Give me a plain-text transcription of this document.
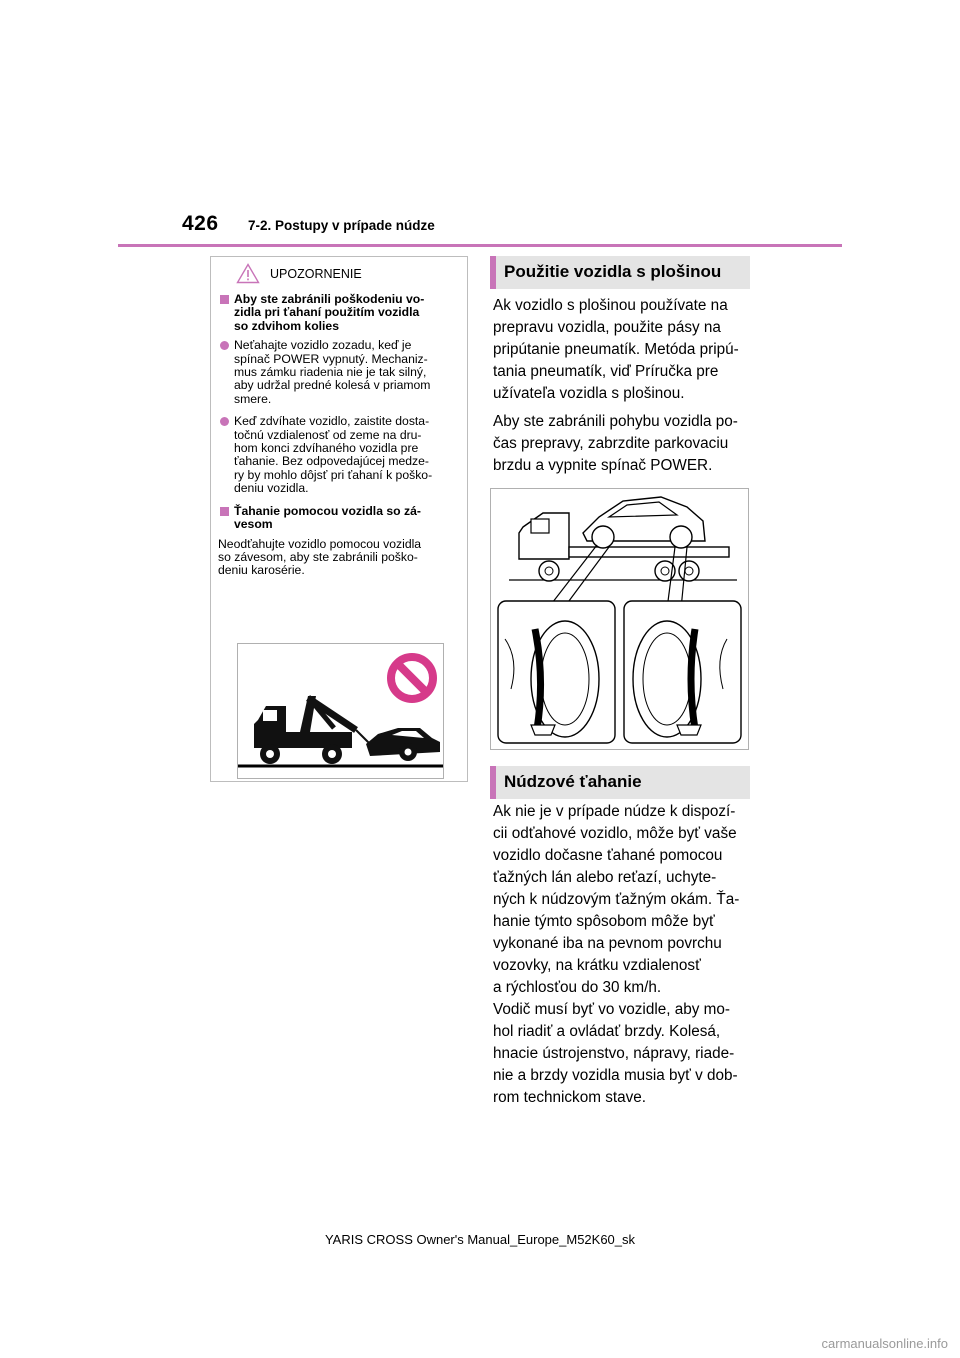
426 7-2. Postupy v prípade núdze
UPOZORNENIE
Aby ste zabránili poškodeniu vo-
zidla pri ťahaní použitím vozidla
so zdvihom kolies
Neťahajte vozidlo zozadu, keď je
spínač POWER vypnutý. Mechaniz-
mus zámku riadenia nie je tak silný,
aby udržal predné kolesá v priamom
smere.
Keď zdvíhate vozidlo, zaistite dosta-
točnú vzdialenosť od zeme na dru-
hom konci zdvíhaného vozidla pre
ťahanie. Bez odpovedajúcej medze-
ry by mohlo dôjsť pri ťahaní k poško-
deniu vozidla.
Ťahanie pomocou vozidla so zá-
vesom
Neodťahujte vozidlo pomocou vozidla
so závesom, aby ste zabránili poško-
deniu karosérie.
Použitie vozidla s plošinou
Ak vozidlo s plošinou používate na
prepravu vozidla, použite pásy na
pripútanie pneumatík. Metóda pripú-
tania pneumatík, viď Príručka pre
užívateľa vozidla s plošinou.
Aby ste zabránili pohybu vozidla po-
čas prepravy, zabrzdite parkovaciu
brzdu a vypnite spínač POWER.
Núdzové ťahanie
Ak nie je v prípade núdze k dispozí-
cii odťahové vozidlo, môže byť vaše
vozidlo dočasne ťahané pomocou
ťažných lán alebo reťazí, uchyte-
ných k núdzovým ťažným okám. Ťa-
hanie týmto spôsobom môže byť
vykonané iba na pevnom povrchu
vozovky, na krátku vzdialenosť
a rýchlosťou do 30 km/h.
Vodič musí byť vo vozidle, aby mo-
hol riadiť a ovládať brzdy. Kolesá,
hnacie ústrojenstvo, nápravy, riade-
nie a brzdy vozidla musia byť v dob-
rom technickom stave.
YARIS CROSS Owner's Manual_Europe_M52K60_sk
carmanualsonline.info
